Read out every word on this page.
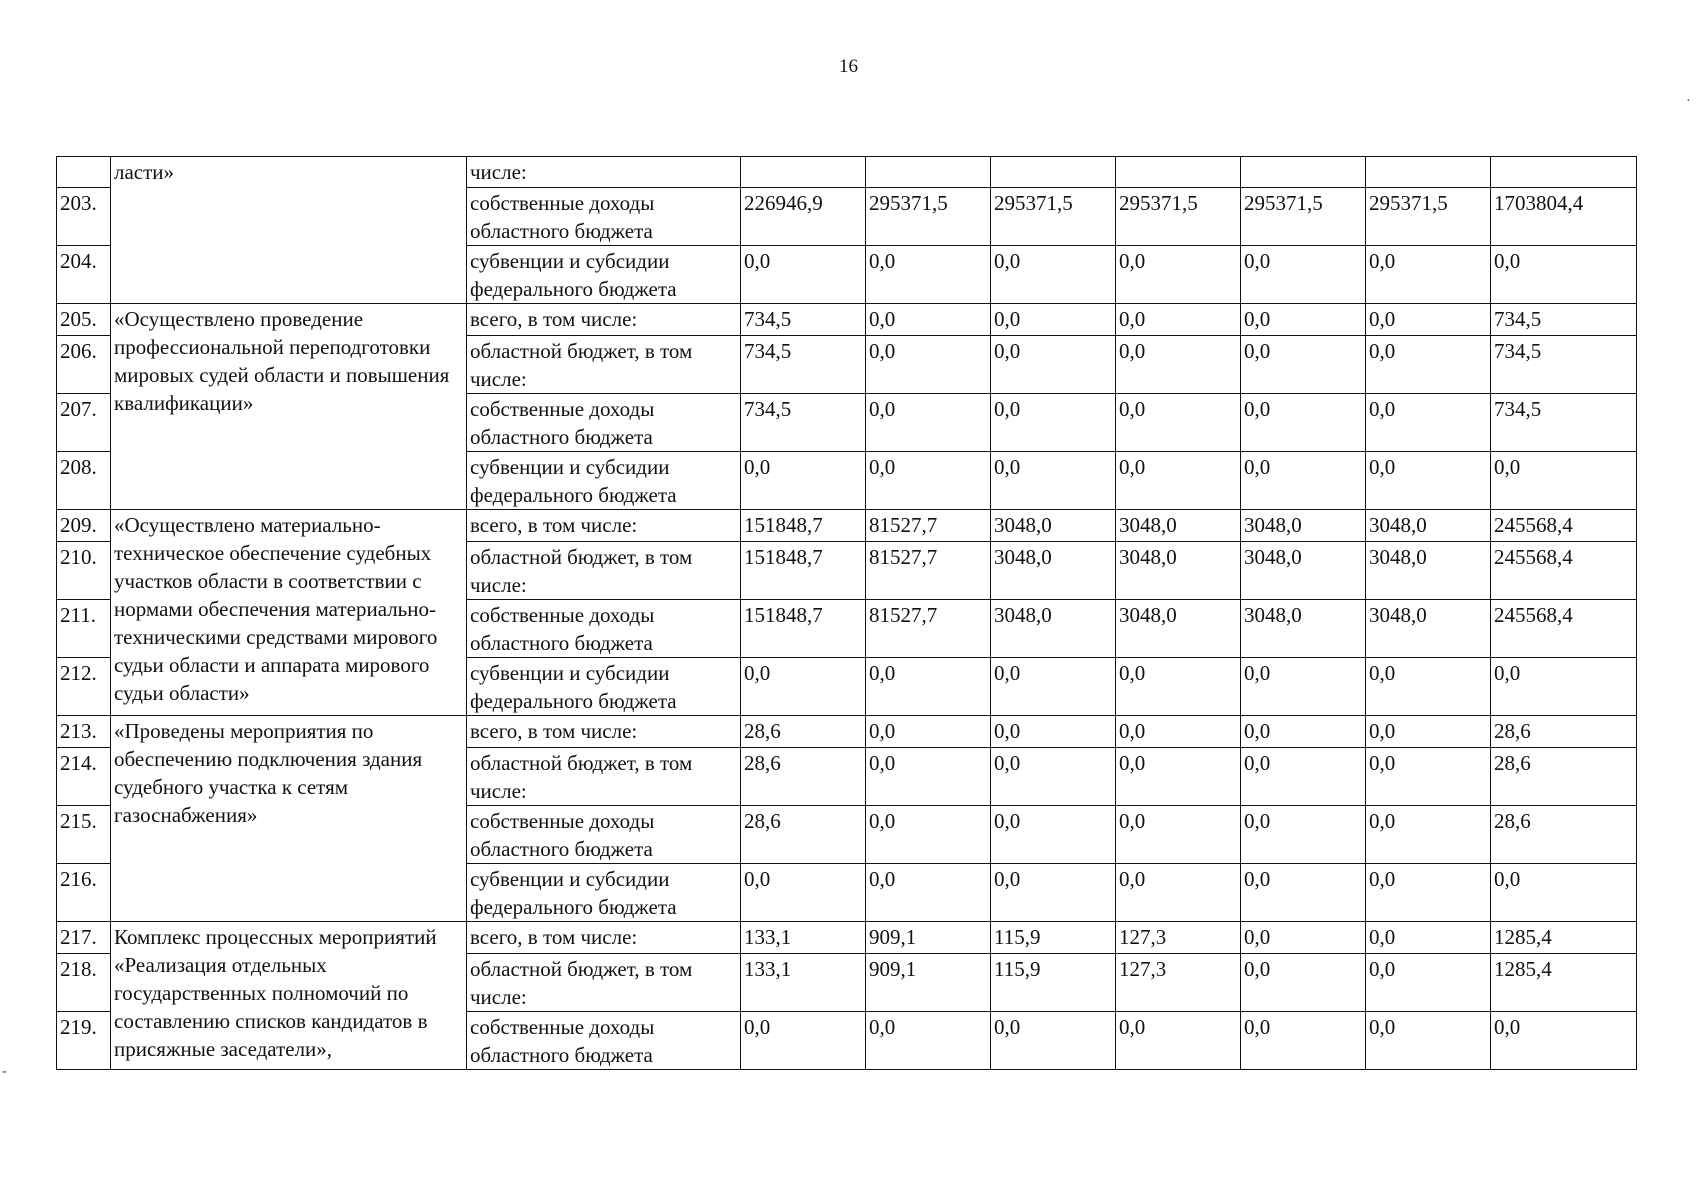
16
·
-
	ласти»	числе:							
203.		собственные доходы областного бюджета	226946,9	295371,5	295371,5	295371,5	295371,5	295371,5	1703804,4
204.		субвенции и субсидии федерального бюджета	0,0	0,0	0,0	0,0	0,0	0,0	0,0
205.	«Осуществлено проведение профессиональной переподготовки мировых судей области и повышения квалификации»	всего, в том числе:	734,5	0,0	0,0	0,0	0,0	0,0	734,5
206.		областной бюджет, в том числе:	734,5	0,0	0,0	0,0	0,0	0,0	734,5
207.		собственные доходы областного бюджета	734,5	0,0	0,0	0,0	0,0	0,0	734,5
208.		субвенции и субсидии федерального бюджета	0,0	0,0	0,0	0,0	0,0	0,0	0,0
209.	«Осуществлено материально-техническое обеспечение судебных участков области в соответствии с нормами обеспечения материально-техническими средствами мирового судьи области и аппарата мирового судьи области»	всего, в том числе:	151848,7	81527,7	3048,0	3048,0	3048,0	3048,0	245568,4
210.		областной бюджет, в том числе:	151848,7	81527,7	3048,0	3048,0	3048,0	3048,0	245568,4
211.		собственные доходы областного бюджета	151848,7	81527,7	3048,0	3048,0	3048,0	3048,0	245568,4
212.		субвенции и субсидии федерального бюджета	0,0	0,0	0,0	0,0	0,0	0,0	0,0
213.	«Проведены мероприятия по обеспечению подключения здания судебного участка к сетям газоснабжения»	всего, в том числе:	28,6	0,0	0,0	0,0	0,0	0,0	28,6
214.		областной бюджет, в том числе:	28,6	0,0	0,0	0,0	0,0	0,0	28,6
215.		собственные доходы областного бюджета	28,6	0,0	0,0	0,0	0,0	0,0	28,6
216.		субвенции и субсидии федерального бюджета	0,0	0,0	0,0	0,0	0,0	0,0	0,0
217.	Комплекс процессных мероприятий «Реализация отдельных государственных полномочий по составлению списков кандидатов в присяжные заседатели»,	всего, в том числе:	133,1	909,1	115,9	127,3	0,0	0,0	1285,4
218.		областной бюджет, в том числе:	133,1	909,1	115,9	127,3	0,0	0,0	1285,4
219.		собственные доходы областного бюджета	0,0	0,0	0,0	0,0	0,0	0,0	0,0
